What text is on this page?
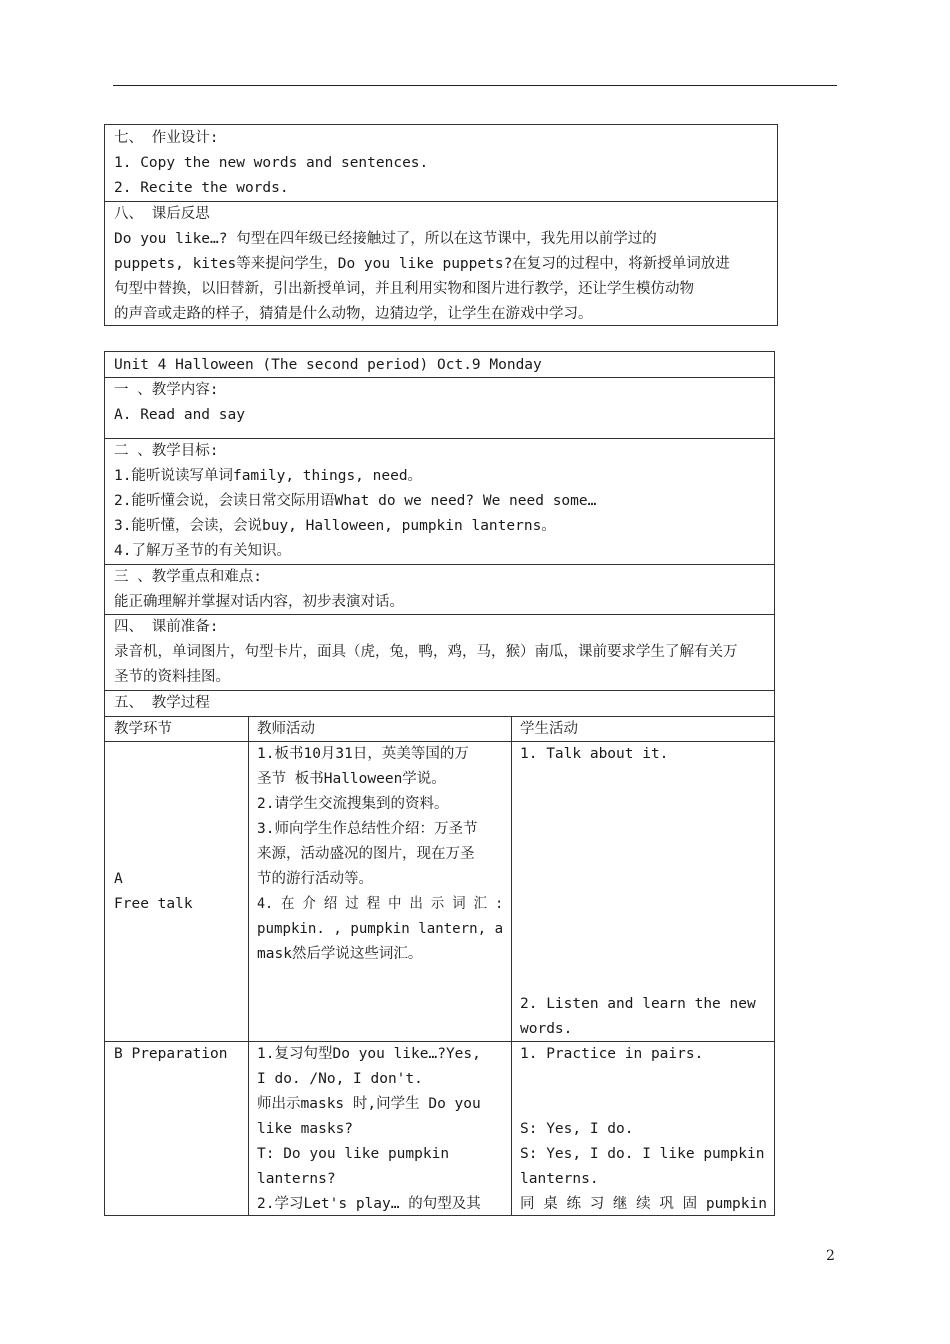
七、 作业设计:
1. Copy the new words and sentences.
2. Recite the words.
八、 课后反思
Do you like…? 句型在四年级已经接触过了，所以在这节课中，我先用以前学过的
puppets, kites等来提问学生，Do you like puppets?在复习的过程中，将新授单词放进
句型中替换，以旧替新，引出新授单词，并且利用实物和图片进行教学，还让学生模仿动物
的声音或走路的样子，猜猜是什么动物，边猜边学，让学生在游戏中学习。
Unit 4 Halloween (The second period) Oct.9 Monday
一 、教学内容:
A. Read and say
二 、教学目标:
1.能听说读写单词family, things, need。
2.能听懂会说，会读日常交际用语What do we need? We need some…
3.能听懂，会读，会说buy, Halloween, pumpkin lanterns。
4.了解万圣节的有关知识。
三 、教学重点和难点:
能正确理解并掌握对话内容，初步表演对话。
四、 课前准备:
录音机，单词图片，句型卡片，面具（虎，兔，鸭，鸡，马，猴）南瓜，课前要求学生了解有关万
圣节的资料挂图。
五、 教学过程
教学环节	教师活动	学生活动
A
Free talk
1.板书10月31日，英美等国的万
圣节 板书Halloween学说。
2.请学生交流搜集到的资料。
3.师向学生作总结性介绍：万圣节
来源，活动盛况的图片，现在万圣
节的游行活动等。
4. 在 介 绍 过 程 中 出 示 词 汇 :
pumpkin. , pumpkin lantern, a
mask然后学说这些词汇。
1. Talk about it.
2. Listen and learn the new
words.
B Preparation 1.复习句型Do you like…?Yes,
I do. /No, I don't.
师出示masks 时,问学生 Do you
like masks?
T: Do you like pumpkin
lanterns?
2.学习Let's play… 的句型及其
1. Practice in pairs.
S: Yes, I do.
S: Yes, I do. I like pumpkin
lanterns.
同 桌 练 习 继 续 巩 固 pumpkin
2
